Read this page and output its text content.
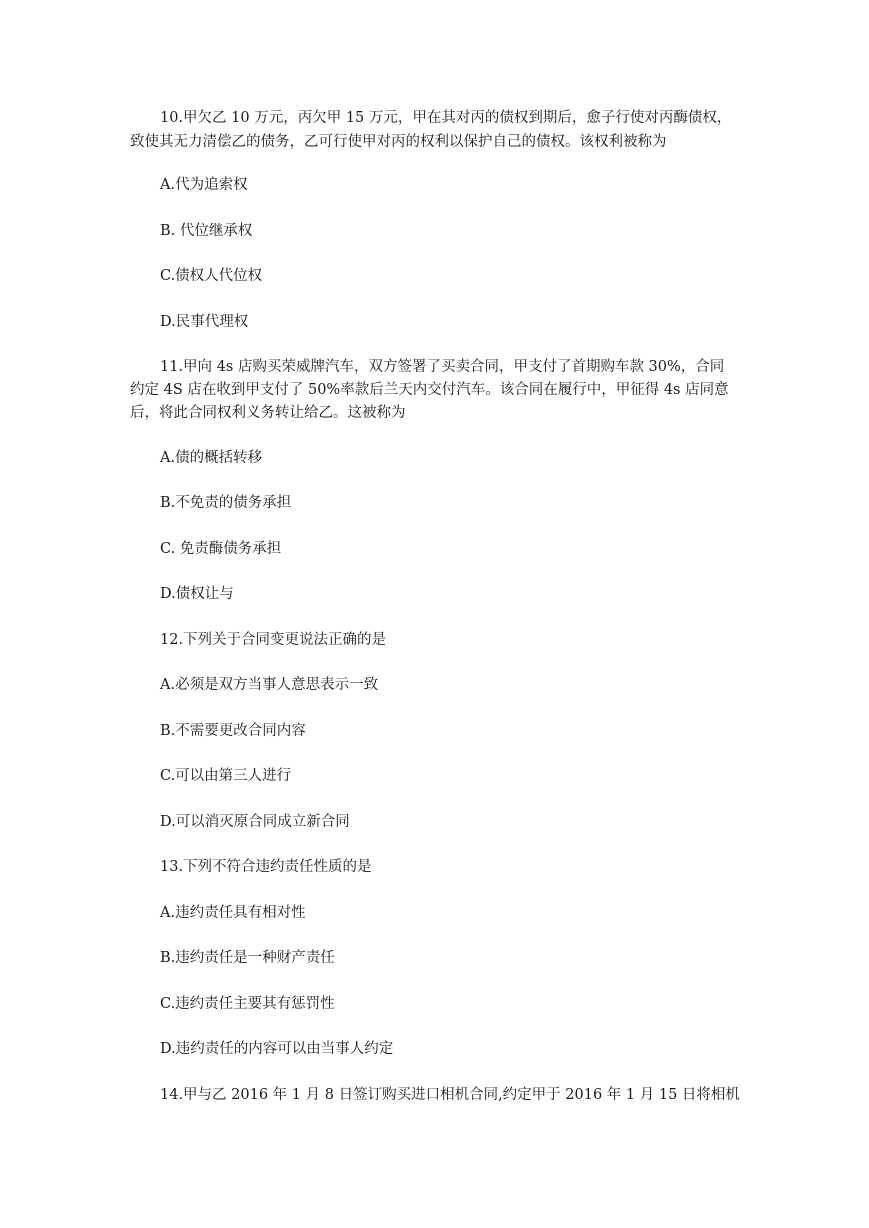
10.甲欠乙 10 万元，丙欠甲 15 万元，甲在其对丙的债权到期后，愈子行使对丙酶债权，

致使其无力清偿乙的债务，乙可行使甲对丙的权利以保护自己的债权。该权利被称为

A.代为追索权

B. 代位继承权

C.债权人代位权

D.民事代理权

11.甲向 4s 店购买荣威牌汽车，双方签署了买卖合同，甲支付了首期购车款 30%，合同

约定 4S 店在收到甲支付了 50%率款后兰天内交付汽车。该合同在履行中，甲征得 4s 店同意

后，将此合同权利义务转让给乙。这被称为

A.债的概括转移

B.不免责的债务承担

C. 免责酶债务承担

D.债权让与

12.下列关于合同变更说法正确的是

A.必须是双方当事人意思表示一致

B.不需要更改合同内容

C.可以由第三人进行

D.可以消灭原合同成立新合同

13.下列不符合违约责任性质的是

A.违约责任具有相对性

B.违约责任是一种财产责任

C.违约责任主要其有惩罚性

D.违约责任的内容可以由当事人约定

14.甲与乙 2016 年 1 月 8 日签订购买进口相机合同,约定甲于 2016 年 1 月 15 日将相机
